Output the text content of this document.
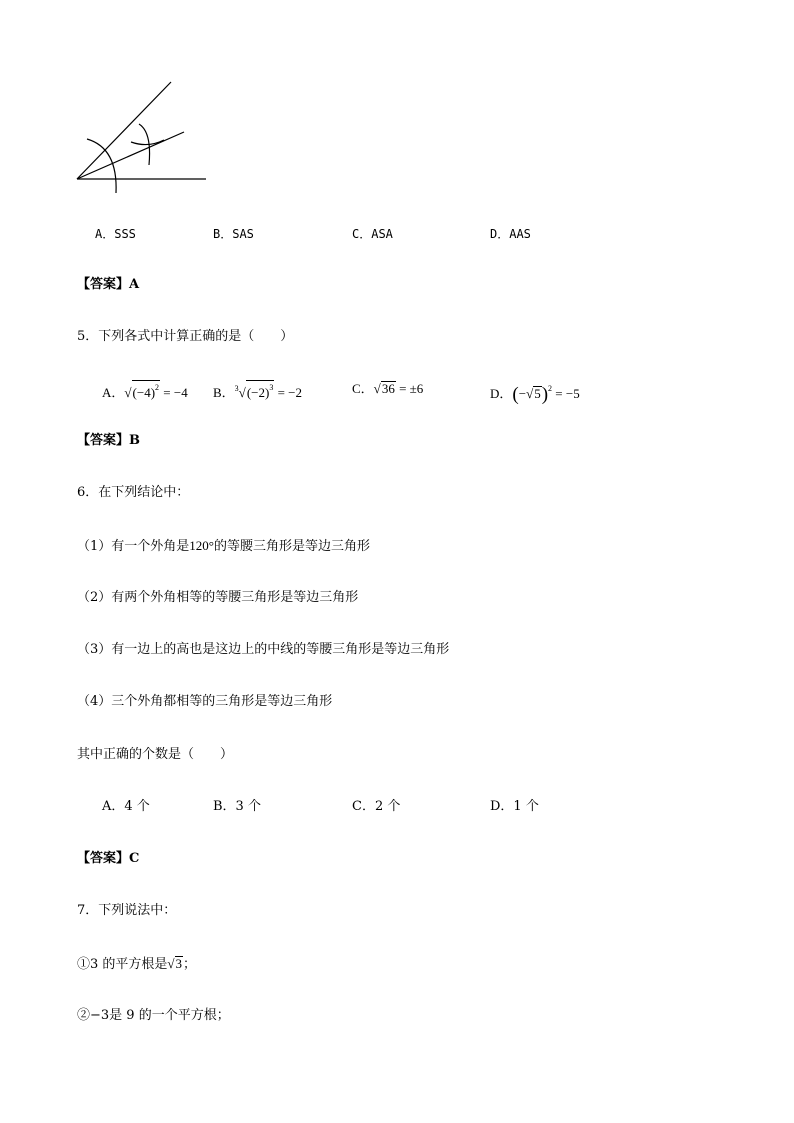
A．SSS	B．SAS	C．ASA	D．AAS
【答案】A
5．下列各式中计算正确的是（　　）
A．$√(-4)^2 = -4$ B．$^3√(-2)^3 = -2$	C．√36 = ±6	D．$(-√5)^2 = -5$
【答案】B
6．在下列结论中：
（1）有一个外角是120°的等腰三角形是等边三角形
（2）有两个外角相等的等腰三角形是等边三角形
（3）有一边上的高也是这边上的中线的等腰三角形是等边三角形
（4）三个外角都相等的三角形是等边三角形
其中正确的个数是（　　）
A．4 个	B．3 个	C．2 个	D．1 个
【答案】C
7．下列说法中：
①3 的平方根是√3；
②−3是 9 的一个平方根；
